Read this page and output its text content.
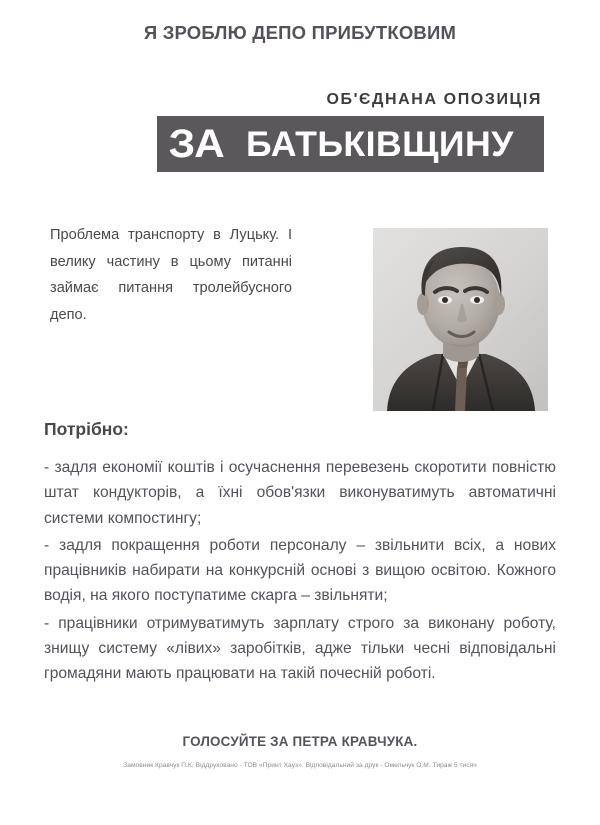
Я ЗРОБЛЮ ДЕПО ПРИБУТКОВИМ
ОБ'ЄДНАНА ОПОЗИЦІЯ
ЗА БАТЬКІВЩИНУ
Проблема транспорту в Луцьку. І велику частину в цьому питанні займає питання тролейбусного депо.
Потрібно:

- задля економії коштів і осучаснення перевезень скоротити повністю штат кондукторів, а їхні обов'язки виконуватимуть автоматичні системи компостингу;

- задля покращення роботи персоналу – звільнити всіх, а нових працівників набирати на конкурсній основі з вищою освітою. Кожного водія, на якого поступатиме скарга – звільняти;

- працівники отримуватимуть зарплату строго за виконану роботу, знищу систему «лівих» заробітків, адже тільки чесні відповідальні громадяни мають працювати на такій почесній роботі.

ГОЛОСУЙТЕ ЗА ПЕТРА КРАВЧУКА.
Замовник Кравчук П.К. Віддруковано - ТОВ «Принт Хауз». Відповідальний за друк - Омельчук О.М. Тираж 5 тисяч
